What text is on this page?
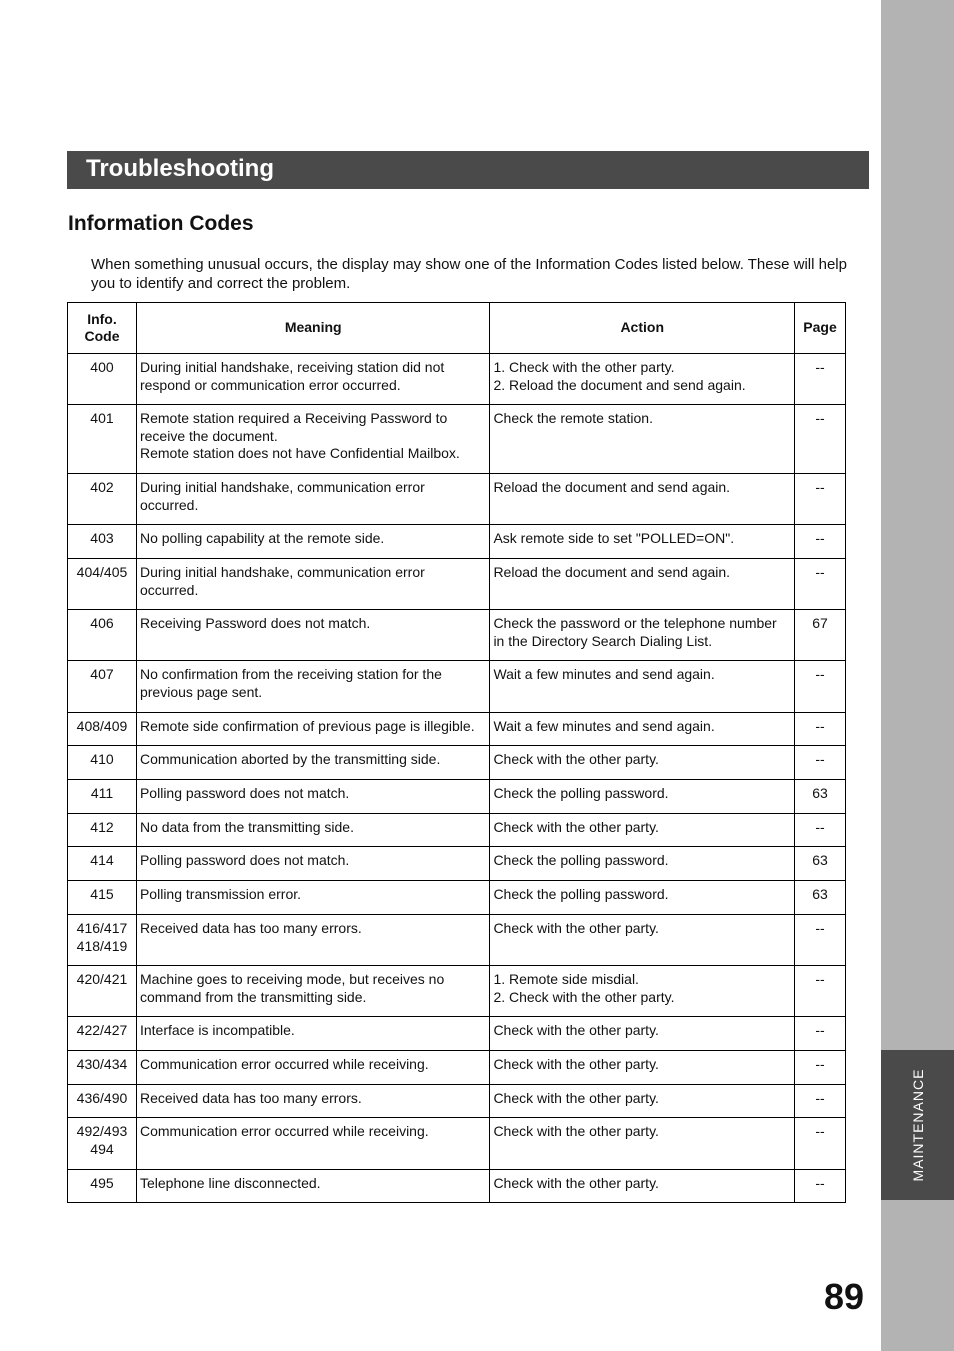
MAINTENANCE
Troubleshooting
Information Codes

When something unusual occurs, the display may show one of the Information Codes listed below. These will help you to identify and correct the problem.

Info.
Code	Meaning	Action	Page

400	During initial handshake, receiving station did not
respond or communication error occurred.	1. Check with the other party.
2. Reload the document and send again.	--

401	Remote station required a Receiving Password to
receive the document.
Remote station does not have Confidential Mailbox.	Check the remote station.	--

402	During initial handshake, communication error
occurred.	Reload the document and send again.	--

403	No polling capability at the remote side.	Ask remote side to set "POLLED=ON".	--

404/405	During initial handshake, communication error
occurred.	Reload the document and send again.	--

406	Receiving Password does not match.	Check the password or the telephone number
in the Directory Search Dialing List.	67

407	No confirmation from the receiving station for the
previous page sent.	Wait a few minutes and send again.	--

408/409	Remote side confirmation of previous page is illegible.	Wait a few minutes and send again.	--

410	Communication aborted by the transmitting side.	Check with the other party.	--

411	Polling password does not match.	Check the polling password.	63

412	No data from the transmitting side.	Check with the other party.	--

414	Polling password does not match.	Check the polling password.	63

415	Polling transmission error.	Check the polling password.	63

416/417
418/419	Received data has too many errors.	Check with the other party.	--

420/421	Machine goes to receiving mode, but receives no
command from the transmitting side.	1. Remote side misdial.
2. Check with the other party.	--

422/427	Interface is incompatible.	Check with the other party.	--

430/434	Communication error occurred while receiving.	Check with the other party.	--

436/490	Received data has too many errors.	Check with the other party.	--

492/493
494	Communication error occurred while receiving.	Check with the other party.	--

495	Telephone line disconnected.	Check with the other party.	--
89
